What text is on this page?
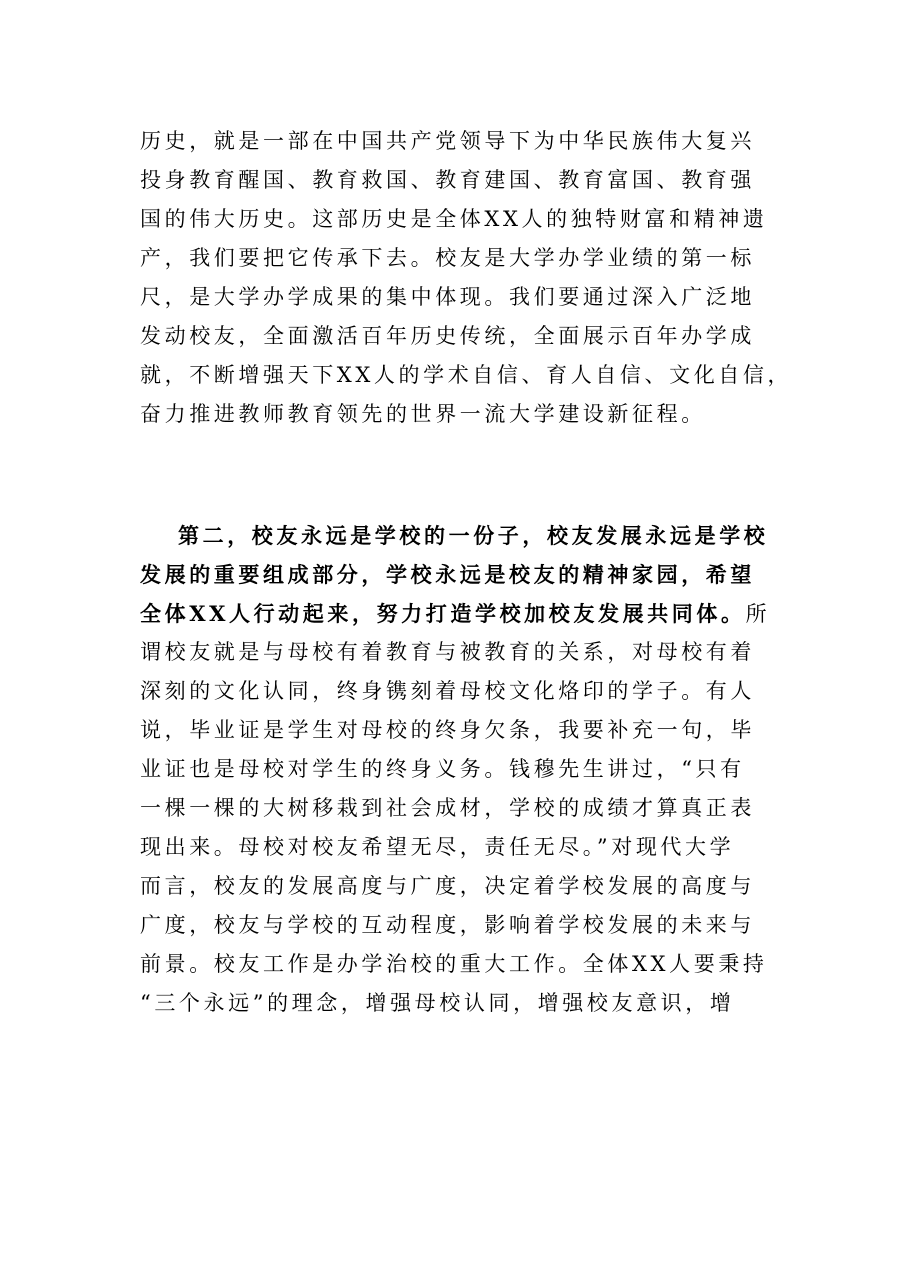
历史，就是一部在中国共产党领导下为中华民族伟大复兴
投身教育醒国、教育救国、教育建国、教育富国、教育强
国的伟大历史。这部历史是全体XX人的独特财富和精神遗
产，我们要把它传承下去。校友是大学办学业绩的第一标
尺，是大学办学成果的集中体现。我们要通过深入广泛地
发动校友，全面激活百年历史传统，全面展示百年办学成
就，不断增强天下XX人的学术自信、育人自信、文化自信，
奋力推进教师教育领先的世界一流大学建设新征程。
第二，校友永远是学校的一份子，校友发展永远是学校
发展的重要组成部分，学校永远是校友的精神家园，希望
全体XX人行动起来，努力打造学校加校友发展共同体。所
谓校友就是与母校有着教育与被教育的关系，对母校有着
深刻的文化认同，终身镌刻着母校文化烙印的学子。有人
说，毕业证是学生对母校的终身欠条，我要补充一句，毕
业证也是母校对学生的终身义务。钱穆先生讲过，“只有
一棵一棵的大树移栽到社会成材，学校的成绩才算真正表
现出来。母校对校友希望无尽，责任无尽。”对现代大学
而言，校友的发展高度与广度，决定着学校发展的高度与
广度，校友与学校的互动程度，影响着学校发展的未来与
前景。校友工作是办学治校的重大工作。全体XX人要秉持
“三个永远”的理念，增强母校认同，增强校友意识，增
